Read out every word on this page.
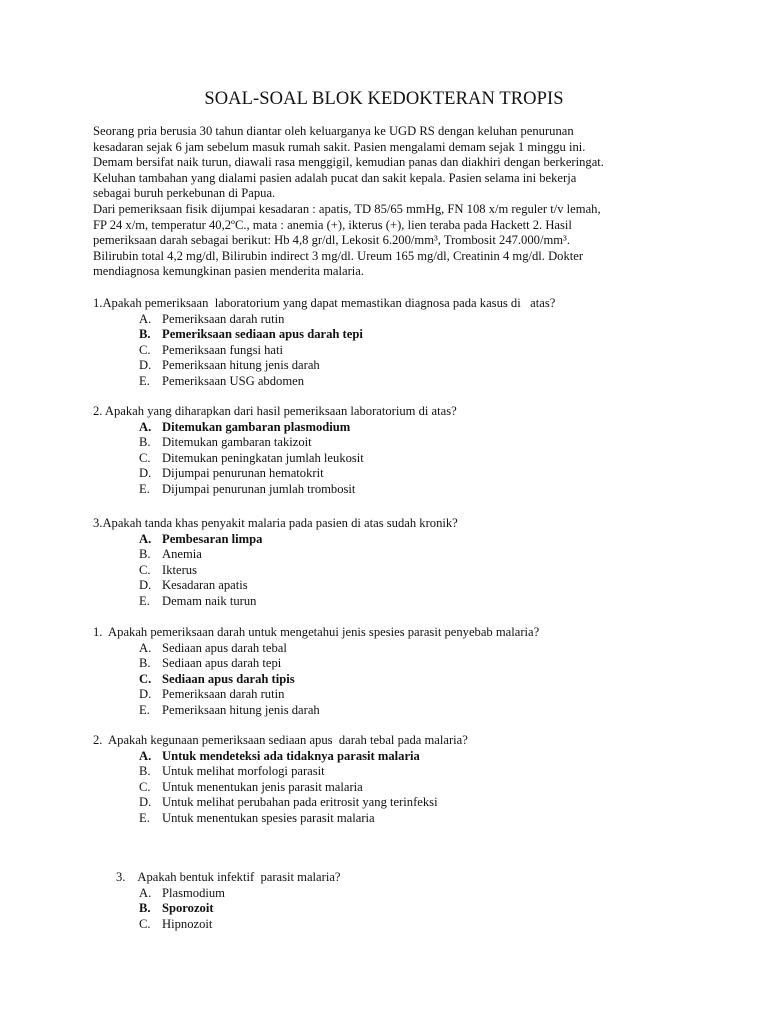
SOAL-SOAL BLOK KEDOKTERAN TROPIS

Seorang pria berusia 30 tahun diantar oleh keluarganya ke UGD RS dengan keluhan penurunan

kesadaran sejak 6 jam sebelum masuk rumah sakit. Pasien mengalami demam sejak 1 minggu ini.

Demam bersifat naik turun, diawali rasa menggigil, kemudian panas dan diakhiri dengan berkeringat.

Keluhan tambahan yang dialami pasien adalah pucat dan sakit kepala. Pasien selama ini bekerja

sebagai buruh perkebunan di Papua.

Dari pemeriksaan fisik dijumpai kesadaran : apatis, TD 85/65 mmHg, FN 108 x/m reguler t/v lemah,

FP 24 x/m, temperatur 40,2ºC., mata : anemia (+), ikterus (+), lien teraba pada Hackett 2. Hasil

pemeriksaan darah sebagai berikut: Hb 4,8 gr/dl, Lekosit 6.200/mm³, Trombosit 247.000/mm³.

Bilirubin total 4,2 mg/dl, Bilirubin indirect 3 mg/dl. Ureum 165 mg/dl, Creatinin 4 mg/dl. Dokter

mendiagnosa kemungkinan pasien menderita malaria.

1.Apakah pemeriksaan  laboratorium yang dapat memastikan diagnosa pada kasus di   atas?

A. Pemeriksaan darah rutin
B. Pemeriksaan sediaan apus darah tepi
C. Pemeriksaan fungsi hati
D. Pemeriksaan hitung jenis darah
E. Pemeriksaan USG abdomen

2. Apakah yang diharapkan dari hasil pemeriksaan laboratorium di atas?

A. Ditemukan gambaran plasmodium
B. Ditemukan gambaran takizoit
C. Ditemukan peningkatan jumlah leukosit
D. Dijumpai penurunan hematokrit
E. Dijumpai penurunan jumlah trombosit

3.Apakah tanda khas penyakit malaria pada pasien di atas sudah kronik?

A. Pembesaran limpa
B. Anemia
C. Ikterus
D. Kesadaran apatis
E. Demam naik turun

1.  Apakah pemeriksaan darah untuk mengetahui jenis spesies parasit penyebab malaria?

A. Sediaan apus darah tebal
B. Sediaan apus darah tepi
C. Sediaan apus darah tipis
D. Pemeriksaan darah rutin
E. Pemeriksaan hitung jenis darah

2.  Apakah kegunaan pemeriksaan sediaan apus  darah tebal pada malaria?

A. Untuk mendeteksi ada tidaknya parasit malaria
B. Untuk melihat morfologi parasit
C. Untuk menentukan jenis parasit malaria
D. Untuk melihat perubahan pada eritrosit yang terinfeksi
E. Untuk menentukan spesies parasit malaria

3.    Apakah bentuk infektif  parasit malaria?

A. Plasmodium
B. Sporozoit
C. Hipnozoit
